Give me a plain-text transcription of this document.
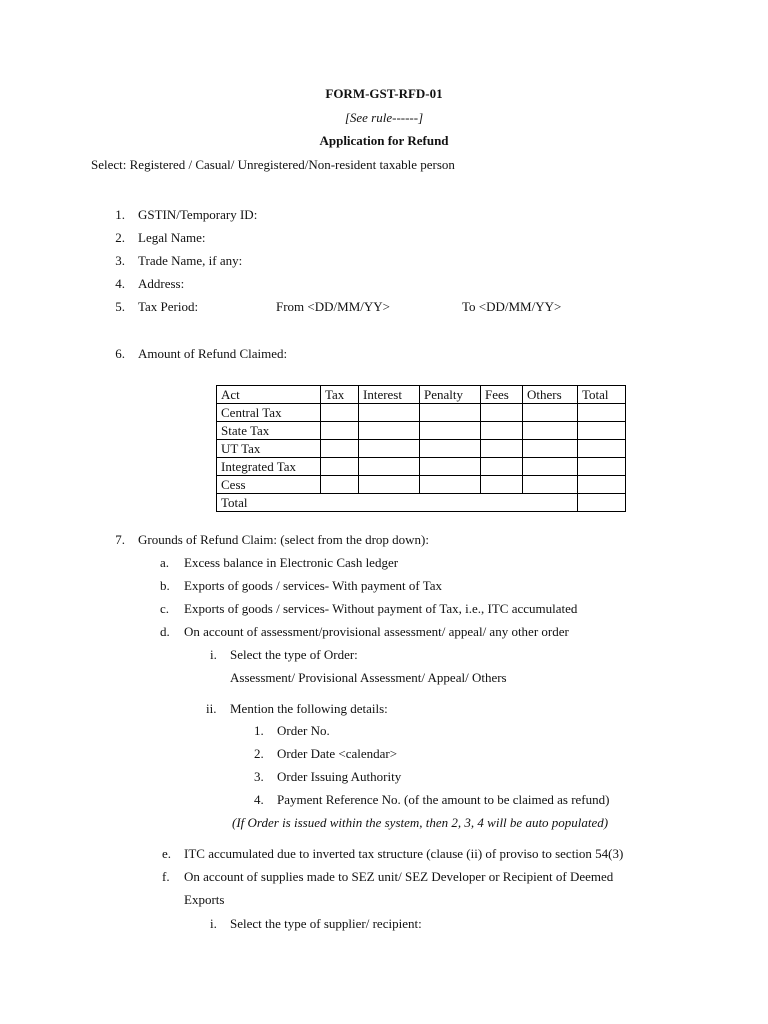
FORM-GST-RFD-01
[See rule------]
Application for Refund
Select: Registered / Casual/ Unregistered/Non-resident taxable person
1. GSTIN/Temporary ID:
2. Legal Name:
3. Trade Name, if any:
4. Address:
5. Tax Period:	From <DD/MM/YY>	To <DD/MM/YY>
6. Amount of Refund Claimed:
Act	Tax	Interest	Penalty	Fees	Others	Total
Central Tax						
State Tax						
UT Tax						
Integrated Tax						
Cess						
Total						
7. Grounds of Refund Claim: (select from the drop down):
a. Excess balance in Electronic Cash ledger
b. Exports of goods / services- With payment of Tax
c. Exports of goods / services- Without payment of Tax, i.e., ITC accumulated
d. On account of assessment/provisional assessment/ appeal/ any other order
i. Select the type of Order:
Assessment/ Provisional Assessment/ Appeal/ Others
ii. Mention the following details:
1. Order No.
2. Order Date <calendar>
3. Order Issuing Authority
4. Payment Reference No. (of the amount to be claimed as refund)
(If Order is issued within the system, then 2, 3, 4 will be auto populated)
e. ITC accumulated due to inverted tax structure (clause (ii) of proviso to section 54(3)
f. On account of supplies made to SEZ unit/ SEZ Developer or Recipient of Deemed
Exports
i. Select the type of supplier/ recipient:
